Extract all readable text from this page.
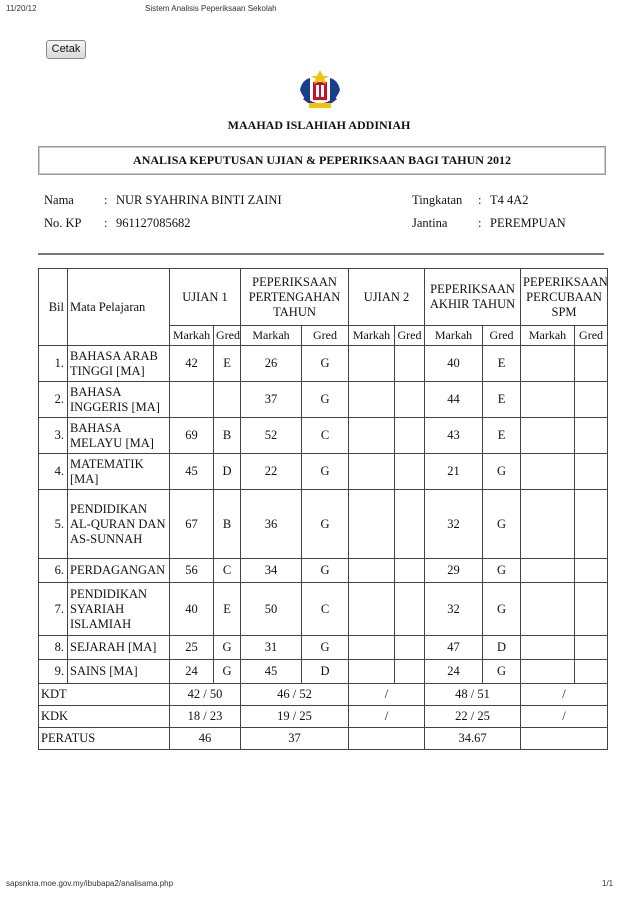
11/20/12	Sistem Analisis Peperiksaan Sekolah
Cetak
MAAHAD ISLAHIAH ADDINIAH
ANALISA KEPUTUSAN UJIAN & PEPERIKSAAN BAGI TAHUN 2012
Nama : NUR SYAHRINA BINTI ZAINI	Tingkatan : T4 4A2
No. KP : 961127085682	Jantina : PEREMPUAN
Bil	Mata Pelajaran	UJIAN 1		PEPERIKSAAN PERTENGAHAN TAHUN		UJIAN 2		PEPERIKSAAN AKHIR TAHUN		PEPERIKSAAN PERCUBAAN SPM	
		Markah	Gred	Markah	Gred	Markah	Gred	Markah	Gred	Markah	Gred
1.	BAHASA ARAB TINGGI [MA]	42	E	26	G			40	E		
2.	BAHASA INGGERIS [MA]			37	G			44	E		
3.	BAHASA MELAYU [MA]	69	B	52	C			43	E		
4.	MATEMATIK [MA]	45	D	22	G			21	G		
5.	PENDIDIKAN AL-QURAN DAN AS-SUNNAH	67	B	36	G			32	G		
6.	PERDAGANGAN	56	C	34	G			29	G		
7.	PENDIDIKAN SYARIAH ISLAMIAH	40	E	50	C			32	G		
8.	SEJARAH [MA]	25	G	31	G			47	D		
9.	SAINS [MA]	24	G	45	D			24	G		
KDT		42 / 50		46 / 52		/		48 / 51		/	
KDK		18 / 23		19 / 25		/		22 / 25		/	
PERATUS		46		37				34.67			
sapsnkra.moe.gov.my/ibubapa2/analisama.php	1/1
